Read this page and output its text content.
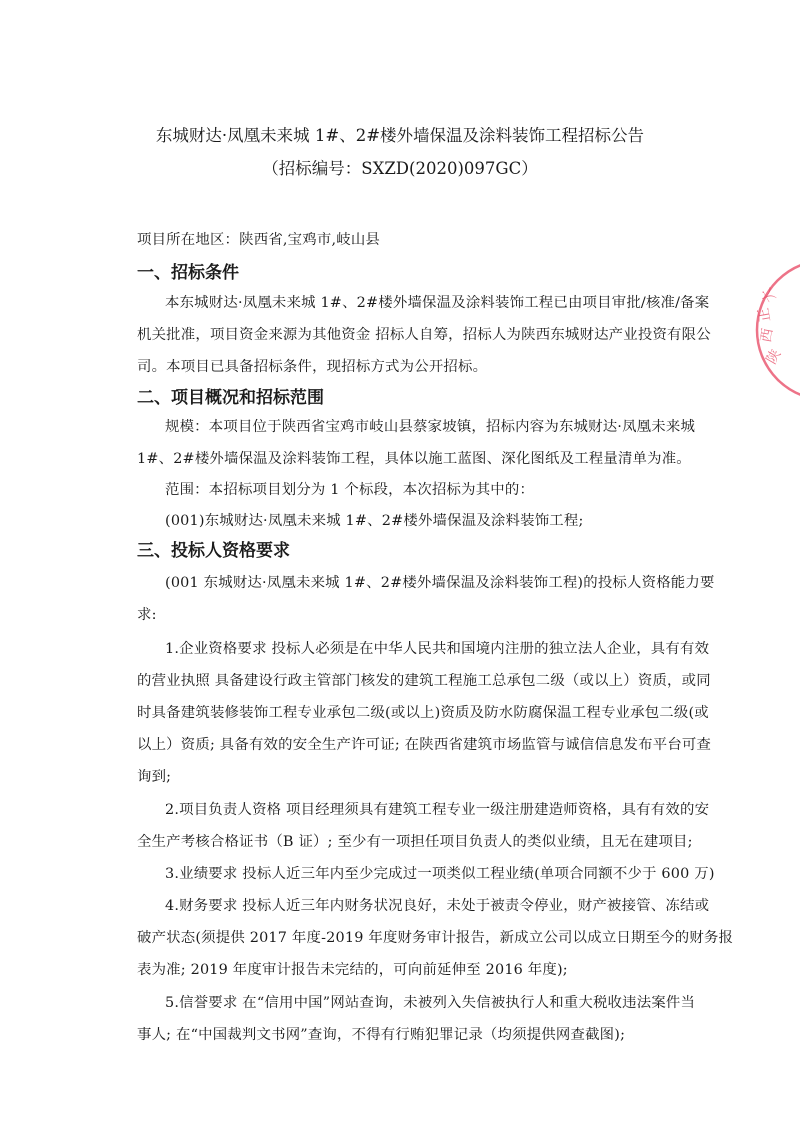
东城财达·凤凰未来城 1#、2#楼外墙保温及涂料装饰工程招标公告
（招标编号：SXZD(2020)097GC）
项目所在地区：陕西省,宝鸡市,岐山县
一、招标条件
本东城财达·凤凰未来城 1#、2#楼外墙保温及涂料装饰工程已由项目审批/核准/备案
机关批准，项目资金来源为其他资金 招标人自筹，招标人为陕西东城财达产业投资有限公
司。本项目已具备招标条件，现招标方式为公开招标。
二、项目概况和招标范围
规模：本项目位于陕西省宝鸡市岐山县蔡家坡镇，招标内容为东城财达·凤凰未来城
1#、2#楼外墙保温及涂料装饰工程，具体以施工蓝图、深化图纸及工程量清单为准。
范围：本招标项目划分为 1 个标段，本次招标为其中的：
(001)东城财达·凤凰未来城 1#、2#楼外墙保温及涂料装饰工程;
三、投标人资格要求
(001 东城财达·凤凰未来城 1#、2#楼外墙保温及涂料装饰工程)的投标人资格能力要
求:
1.企业资格要求 投标人必须是在中华人民共和国境内注册的独立法人企业，具有有效
的营业执照 具备建设行政主管部门核发的建筑工程施工总承包二级（或以上）资质，或同
时具备建筑装修装饰工程专业承包二级(或以上)资质及防水防腐保温工程专业承包二级(或
以上）资质; 具备有效的安全生产许可证; 在陕西省建筑市场监管与诚信信息发布平台可查
询到;
2.项目负责人资格 项目经理须具有建筑工程专业一级注册建造师资格，具有有效的安
全生产考核合格证书（B 证）; 至少有一项担任项目负责人的类似业绩，且无在建项目;
3.业绩要求 投标人近三年内至少完成过一项类似工程业绩(单项合同额不少于 600 万)
4.财务要求 投标人近三年内财务状况良好，未处于被责令停业，财产被接管、冻结或
破产状态(须提供 2017 年度-2019 年度财务审计报告，新成立公司以成立日期至今的财务报
表为准; 2019 年度审计报告未完结的，可向前延伸至 2016 年度);
5.信誉要求 在“信用中国”网站查询，未被列入失信被执行人和重大税收违法案件当
事人; 在“中国裁判文书网”查询，不得有行贿犯罪记录（均须提供网查截图);
陕
西
正
大
